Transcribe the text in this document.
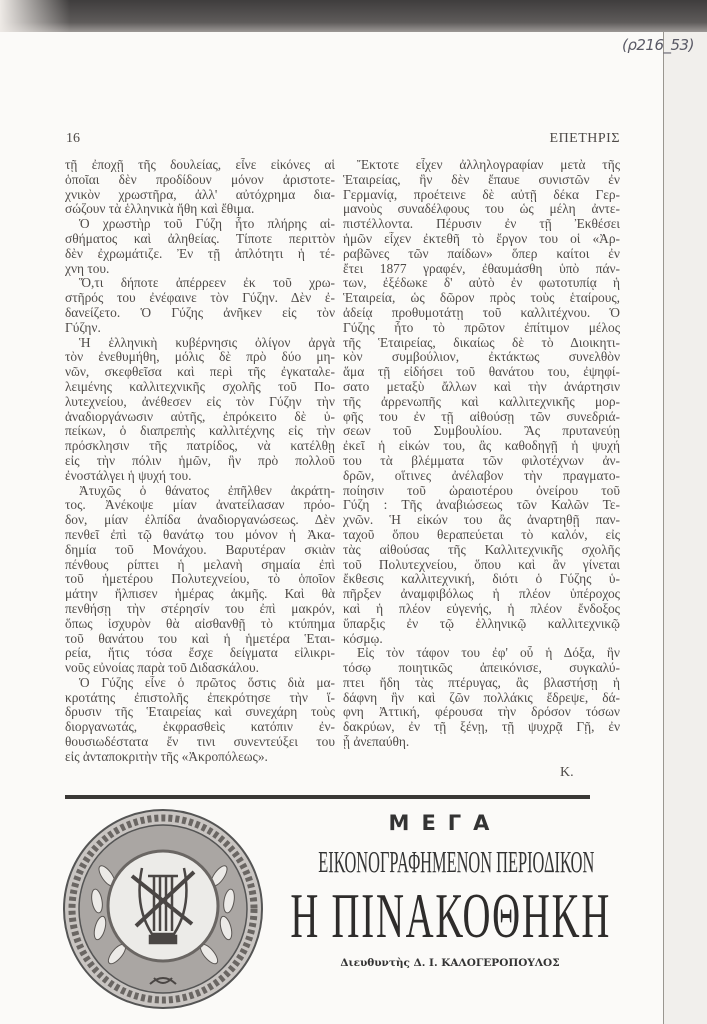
(ρ216_53)
16	ΕΠΕΤΗΡΙΣ
τῇ ἐποχῇ τῆς δουλείας, εἶνε εἰκόνες αἱ
ὁποῖαι δὲν προδίδουν μόνον ἀριστοτε-
χνικὸν χρωστῆρα, ἀλλ' αὐτόχρημα δια-
σώζουν τὰ ἑλληνικὰ ἤθη καὶ ἔθιμα.
Ὁ χρωστὴρ τοῦ Γύζη ἦτο πλήρης αἰ-
σθήματος καὶ ἀληθείας. Τίποτε περιττὸν
δὲν ἐχρωμάτιζε. Ἐν τῇ ἁπλότητι ἡ τέ-
χνη του.
Ὅ,τι δήποτε ἀπέρρεεν ἐκ τοῦ χρω-
στῆρός του ἐνέφαινε τὸν Γύζην. Δὲν ἐ-
δανείζετο. Ὁ Γύζης ἀνῆκεν εἰς τὸν
Γύζην.
Ἡ ἑλληνικὴ κυβέρνησις ὀλίγον ἀργὰ
τὸν ἐνεθυμήθη, μόλις δὲ πρὸ δύο μη-
νῶν, σκεφθεῖσα καὶ περὶ τῆς ἐγκαταλε-
λειμένης καλλιτεχνικῆς σχολῆς τοῦ Πο-
λυτεχνείου, ἀνέθεσεν εἰς τὸν Γύζην τὴν
ἀναδιοργάνωσιν αὐτῆς, ἐπρόκειτο δὲ ὑ-
πείκων, ὁ διαπρεπὴς καλλιτέχνης εἰς τὴν
πρόσκλησιν τῆς πατρίδος, νὰ κατέλθῃ
εἰς τὴν πόλιν ἡμῶν, ἣν πρὸ πολλοῦ
ἐνοστάλγει ἡ ψυχή του.
Ἀτυχῶς ὁ θάνατος ἐπῆλθεν ἀκράτη-
τος. Ἀνέκοψε μίαν ἀνατείλασαν πρόο-
δον, μίαν ἐλπίδα ἀναδιοργανώσεως. Δὲν
πενθεῖ ἐπὶ τῷ θανάτῳ του μόνον ἡ Ἀκα-
δημία τοῦ Μονάχου. Βαρυτέραν σκιὰν
πένθους ρίπτει ἡ μελανὴ σημαία ἐπὶ
τοῦ ἡμετέρου Πολυτεχνείου, τὸ ὁποῖον
μάτην ἤλπισεν ἡμέρας ἀκμῆς. Καὶ θὰ
πενθήσῃ τὴν στέρησίν του ἐπὶ μακρόν,
ὅπως ἰσχυρὸν θὰ αἰσθανθῇ τὸ κτύπημα
τοῦ θανάτου του καὶ ἡ ἡμετέρα Ἑται-
ρεία, ἥτις τόσα ἔσχε δείγματα εἰλικρι-
νοῦς εὐνοίας παρὰ τοῦ Διδασκάλου.
Ὁ Γύζης εἶνε ὁ πρῶτος ὅστις διὰ μα-
κροτάτης ἐπιστολῆς ἐπεκρότησε τὴν ἵ-
δρυσιν τῆς Ἑταιρείας καὶ συνεχάρη τοὺς
διοργανωτάς, ἐκφρασθεὶς κατόπιν ἐν-
θουσιωδέστατα ἔν τινι συνεντεύξει του
εἰς ἀνταποκριτὴν τῆς «Ἀκροπόλεως».
Ἔκτοτε εἶχεν ἀλληλογραφίαν μετὰ τῆς
Ἑταιρείας, ἣν δὲν ἔπαυε συνιστῶν ἐν
Γερμανίᾳ, προέτεινε δὲ αὐτῇ δέκα Γερ-
μανοὺς συναδέλφους του ὡς μέλη ἀντε-
πιστέλλοντα. Πέρυσιν ἐν τῇ Ἐκθέσει
ἡμῶν εἶχεν ἐκτεθῆ τὸ ἔργον του οἱ «Ἀρ-
ραβῶνες τῶν παίδων» ὅπερ καίτοι ἐν
ἔτει 1877 γραφέν, ἐθαυμάσθη ὑπὸ πάν-
των, ἐξέδωκε δ' αὐτὸ ἐν φωτοτυπίᾳ ἡ
Ἑταιρεία, ὡς δῶρον πρὸς τοὺς ἑταίρους,
ἀδείᾳ προθυμοτάτῃ τοῦ καλλιτέχνου. Ὁ
Γύζης ἦτο τὸ πρῶτον ἐπίτιμον μέλος
τῆς Ἑταιρείας, δικαίως δὲ τὸ Διοικητι-
κὸν συμβούλιον, ἐκτάκτως συνελθὸν
ἅμα τῇ εἰδήσει τοῦ θανάτου του, ἐψηφί-
σατο μεταξὺ ἄλλων καὶ τὴν ἀνάρτησιν
τῆς ἀρρενωπῆς καὶ καλλιτεχνικῆς μορ-
φῆς του ἐν τῇ αἰθούσῃ τῶν συνεδριά-
σεων τοῦ Συμβουλίου. Ἂς πρυτανεύῃ
ἐκεῖ ἡ εἰκών του, ἂς καθοδηγῇ ἡ ψυχή
του τὰ βλέμματα τῶν φιλοτέχνων ἀν-
δρῶν, οἵτινες ἀνέλαβον τὴν πραγματο-
ποίησιν τοῦ ὡραιοτέρου ὀνείρου τοῦ
Γύζη : Τῆς ἀναβιώσεως τῶν Καλῶν Τε-
χνῶν. Ἡ εἰκών του ἂς ἀναρτηθῇ παν-
ταχοῦ ὅπου θεραπεύεται τὸ καλόν, εἰς
τὰς αἰθούσας τῆς Καλλιτεχνικῆς σχολῆς
τοῦ Πολυτεχνείου, ὅπου καὶ ἂν γίνεται
ἔκθεσις καλλιτεχνική, διότι ὁ Γύζης ὑ-
πῆρξεν ἀναμφιβόλως ἡ πλέον ὑπέροχος
καὶ ἡ πλέον εὐγενής, ἡ πλέον ἔνδοξος
ὕπαρξις ἐν τῷ ἑλληνικῷ καλλιτεχνικῷ
κόσμῳ.
Εἰς τὸν τάφον του ἐφ' οὗ ἡ Δόξα, ἣν
τόσῳ ποιητικῶς ἀπεικόνισε, συγκαλύ-
πτει ἤδη τὰς πτέρυγας, ἂς βλαστήσῃ ἡ
δάφνη ἣν καὶ ζῶν πολλάκις ἔδρεψε, δά-
φνη Ἀττική, φέρουσα τὴν δρόσον τόσων
δακρύων, ἐν τῇ ξένῃ, τῇ ψυχρᾷ Γῇ, ἐν
ᾗ ἀνεπαύθη.
Κ.
ΜΕΓΑ
ΕΙΚΟΝΟΓΡΑΦΗΜΕΝΟΝ ΠΕΡΙΟΔΙΚΟΝ
Η ΠΙΝΑΚΟΘΗΚΗ
Διευθυντὴς Δ. Ι. ΚΑΛΟΓΕΡΟΠΟΥΛΟΣ
